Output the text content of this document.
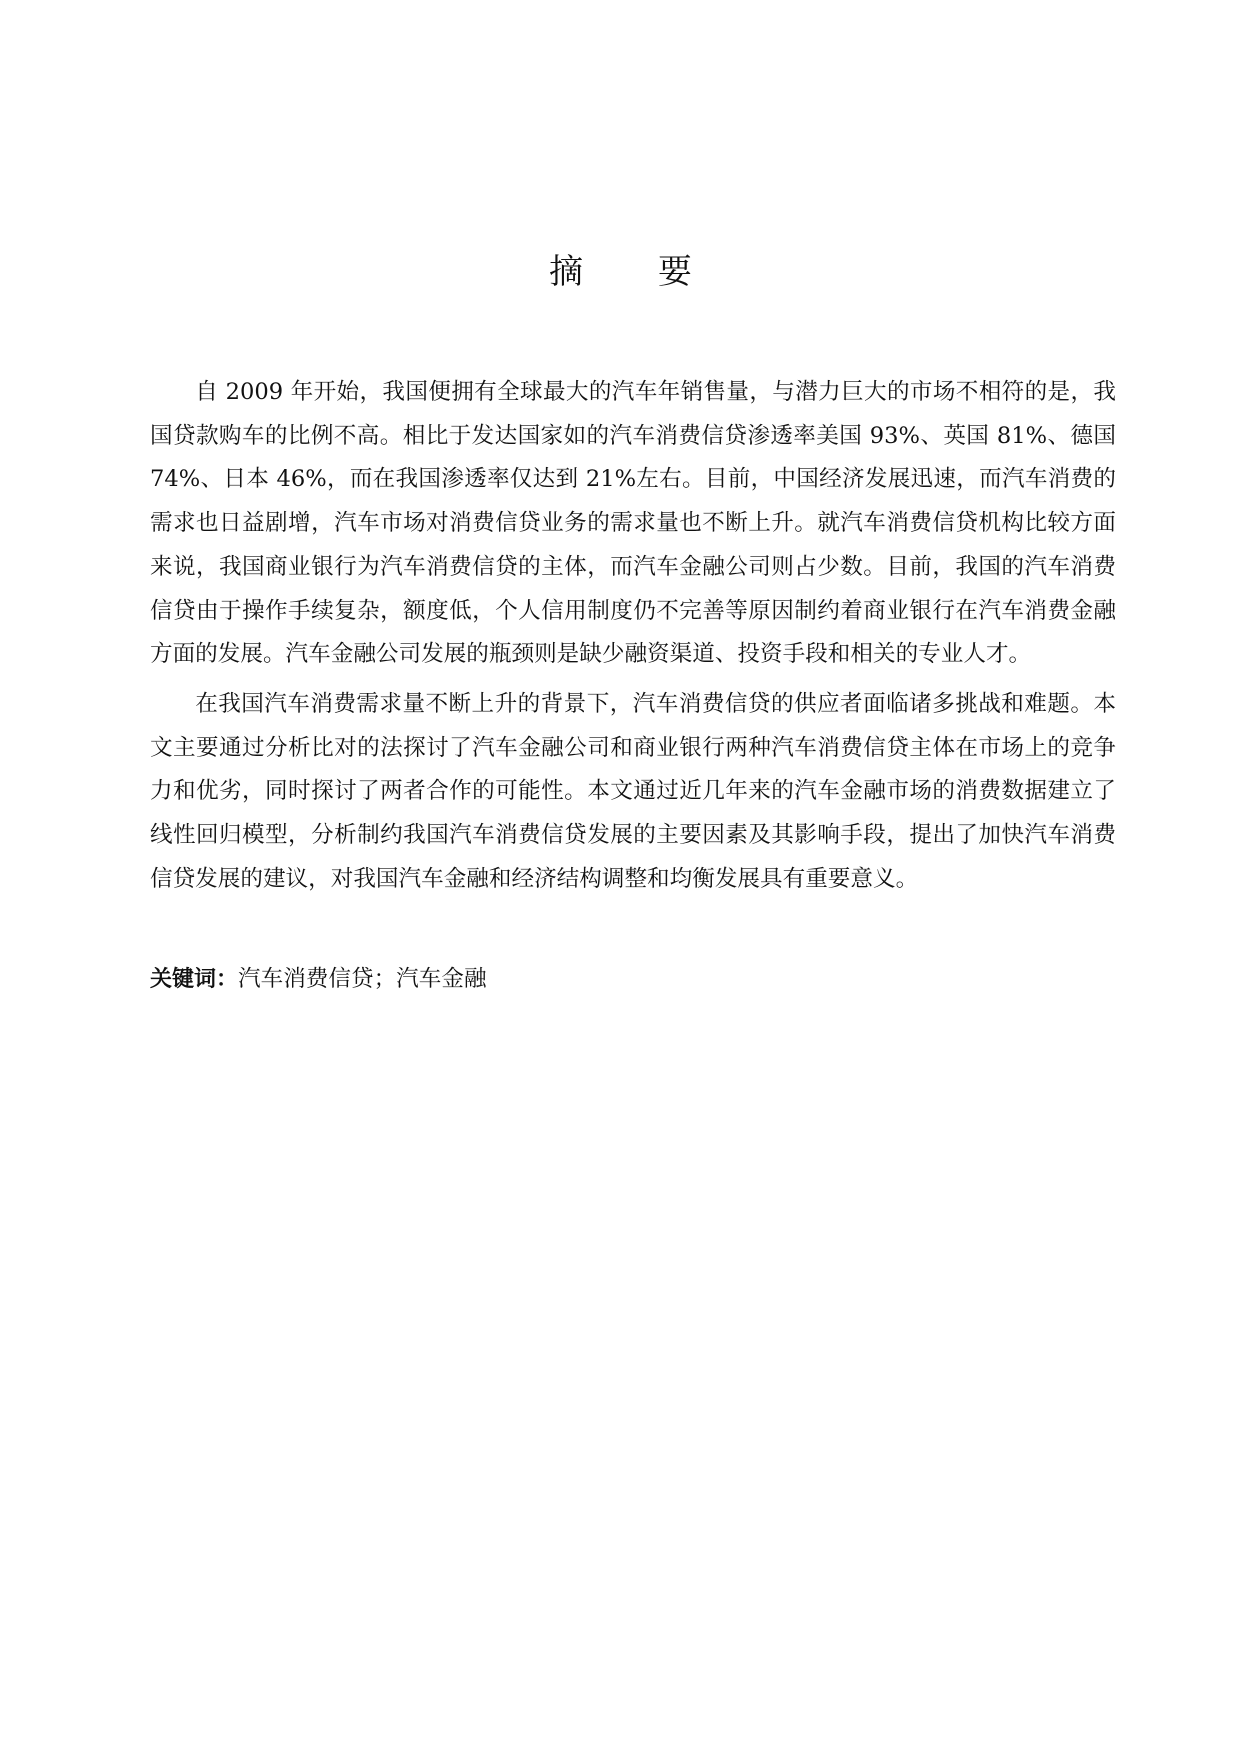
摘 要

自 2009 年开始，我国便拥有全球最大的汽车年销售量，与潜力巨大的市场不相符的是，我国贷款购车的比例不高。相比于发达国家如的汽车消费信贷渗透率美国 93%、英国 81%、德国 74%、日本 46%，而在我国渗透率仅达到 21%左右。目前，中国经济发展迅速，而汽车消费的需求也日益剧增，汽车市场对消费信贷业务的需求量也不断上升。就汽车消费信贷机构比较方面来说，我国商业银行为汽车消费信贷的主体，而汽车金融公司则占少数。目前，我国的汽车消费信贷由于操作手续复杂，额度低，个人信用制度仍不完善等原因制约着商业银行在汽车消费金融方面的发展。汽车金融公司发展的瓶颈则是缺少融资渠道、投资手段和相关的专业人才。

在我国汽车消费需求量不断上升的背景下，汽车消费信贷的供应者面临诸多挑战和难题。本文主要通过分析比对的法探讨了汽车金融公司和商业银行两种汽车消费信贷主体在市场上的竞争力和优劣，同时探讨了两者合作的可能性。本文通过近几年来的汽车金融市场的消费数据建立了线性回归模型，分析制约我国汽车消费信贷发展的主要因素及其影响手段，提出了加快汽车消费信贷发展的建议，对我国汽车金融和经济结构调整和均衡发展具有重要意义。

关键词：汽车消费信贷；汽车金融
